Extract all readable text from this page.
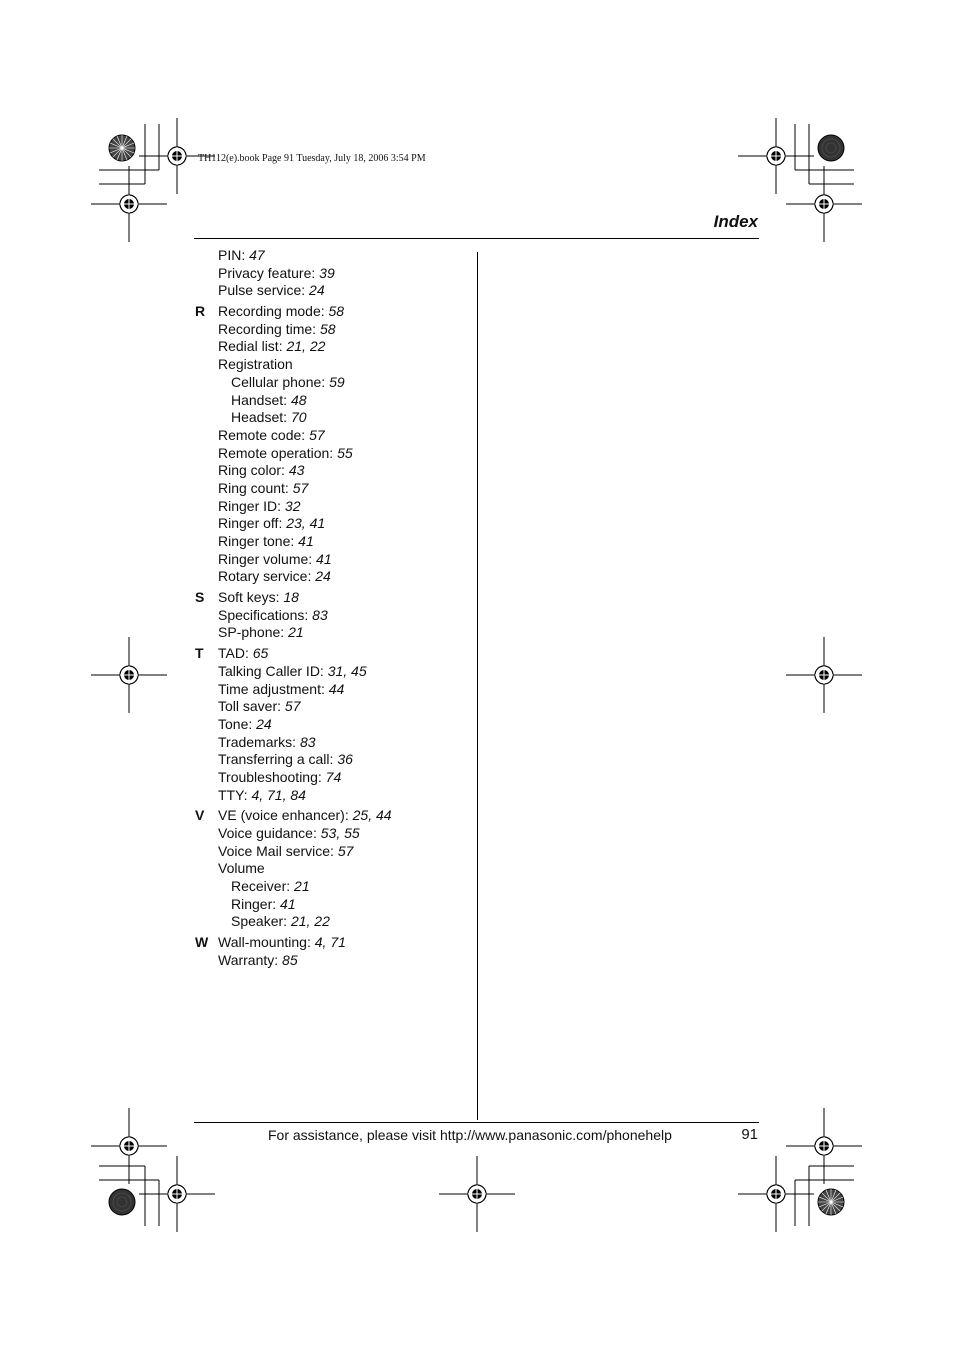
TH112(e).book Page 91 Tuesday, July 18, 2006 3:54 PM
Index
PIN: 47
Privacy feature: 39
Pulse service: 24
R Recording mode: 58
Recording time: 58
Redial list: 21, 22
Registration
Cellular phone: 59
Handset: 48
Headset: 70
Remote code: 57
Remote operation: 55
Ring color: 43
Ring count: 57
Ringer ID: 32
Ringer off: 23, 41
Ringer tone: 41
Ringer volume: 41
Rotary service: 24
S Soft keys: 18
Specifications: 83
SP-phone: 21
T TAD: 65
Talking Caller ID: 31, 45
Time adjustment: 44
Toll saver: 57
Tone: 24
Trademarks: 83
Transferring a call: 36
Troubleshooting: 74
TTY: 4, 71, 84
V VE (voice enhancer): 25, 44
Voice guidance: 53, 55
Voice Mail service: 57
Volume
Receiver: 21
Ringer: 41
Speaker: 21, 22
W Wall-mounting: 4, 71
Warranty: 85
For assistance, please visit http://www.panasonic.com/phonehelp	91
